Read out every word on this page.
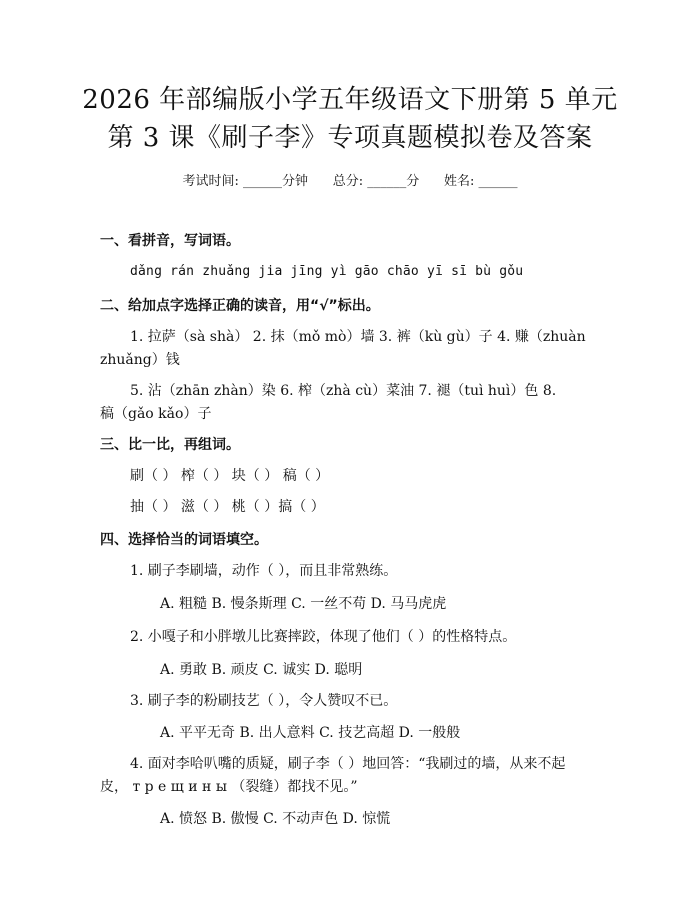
2026 年部编版小学五年级语文下册第 5 单元
第 3 课《刷子李》专项真题模拟卷及答案
考试时间: ______分钟      总分: ______分      姓名: ______
一、看拼音，写词语。
dǎng rán zhuǎng jia jīng yì gāo chāo yī sī bù gǒu
二、给加点字选择正确的读音，用“√”标出。
1. 拉萨（sà shà） 2. 抹（mǒ mò）墙 3. 裤（kù gù）子 4. 赚（zhuàn
zhuǎng）钱
5. 沾（zhān zhàn）染 6. 榨（zhà cù）菜油 7. 褪（tuì huì）色 8.
稿（gǎo kǎo）子
三、比一比，再组词。
刷（ ） 榨（ ） 块（ ） 稿（ ）
抽（ ） 滋（ ） 桃（ ）搞（ ）
四、选择恰当的词语填空。
1. 刷子李刷墙，动作（ ），而且非常熟练。
A. 粗糙 B. 慢条斯理 C. 一丝不苟 D. 马马虎虎
2. 小嘎子和小胖墩儿比赛摔跤，体现了他们（ ）的性格特点。
A. 勇敢 B. 顽皮 C. 诚实 D. 聪明
3. 刷子李的粉刷技艺（ ），令人赞叹不已。
A. 平平无奇 B. 出人意料 C. 技艺高超 D. 一般般
4. 面对李哈叭嘴的质疑，刷子李（ ）地回答：“我刷过的墙，从来不起
皮， т р е щ и н ы （裂缝）都找不见。”
A. 愤怒 B. 傲慢 C. 不动声色 D. 惊慌
